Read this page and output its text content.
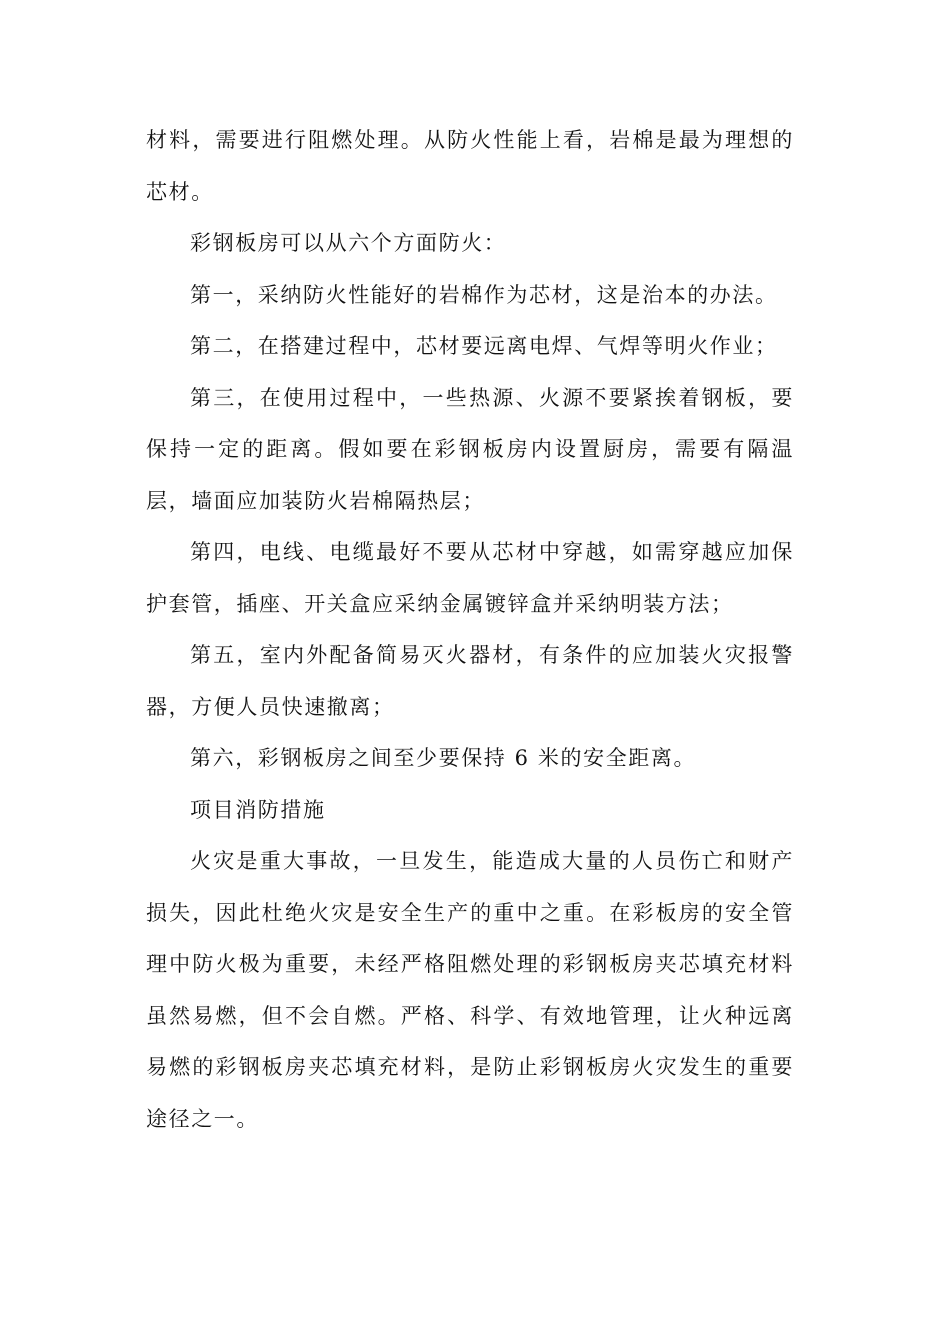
材料，需要进行阻燃处理。从防火性能上看，岩棉是最为理想的芯材。

彩钢板房可以从六个方面防火：

第一，采纳防火性能好的岩棉作为芯材，这是治本的办法。

第二，在搭建过程中，芯材要远离电焊、气焊等明火作业；

第三，在使用过程中，一些热源、火源不要紧挨着钢板，要保持一定的距离。假如要在彩钢板房内设置厨房，需要有隔温层，墙面应加装防火岩棉隔热层；

第四，电线、电缆最好不要从芯材中穿越，如需穿越应加保护套管，插座、开关盒应采纳金属镀锌盒并采纳明装方法；

第五，室内外配备简易灭火器材，有条件的应加装火灾报警器，方便人员快速撤离；

第六，彩钢板房之间至少要保持 6 米的安全距离。

项目消防措施

火灾是重大事故，一旦发生，能造成大量的人员伤亡和财产损失，因此杜绝火灾是安全生产的重中之重。在彩板房的安全管理中防火极为重要，未经严格阻燃处理的彩钢板房夹芯填充材料虽然易燃，但不会自燃。严格、科学、有效地管理，让火种远离易燃的彩钢板房夹芯填充材料，是防止彩钢板房火灾发生的重要途径之一。
